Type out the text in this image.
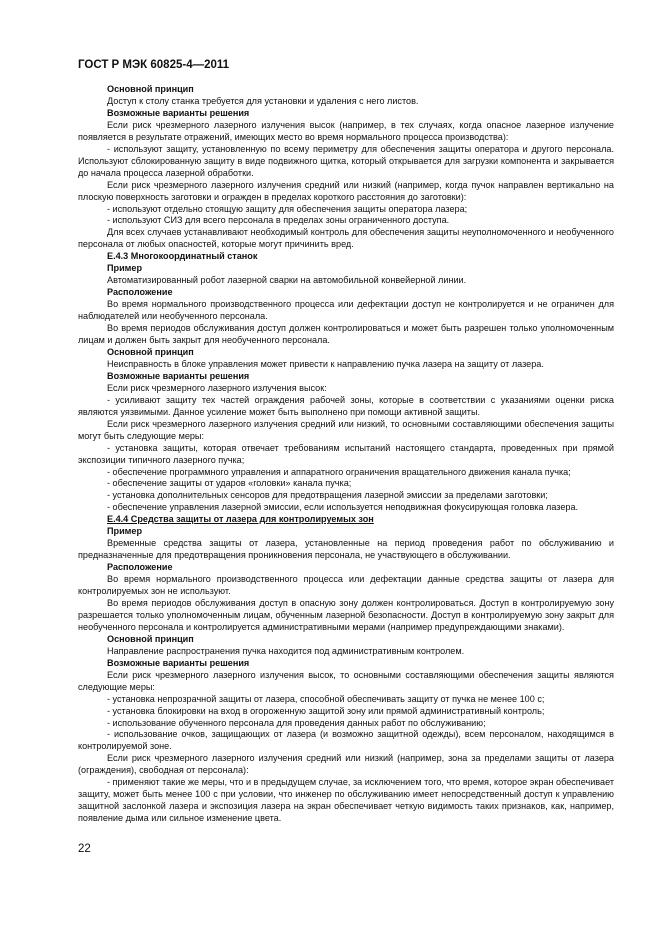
ГОСТ Р МЭК 60825-4—2011
Основной принцип
Доступ к столу станка требуется для установки и удаления с него листов.
Возможные варианты решения
Если риск чрезмерного лазерного излучения высок (например, в тех случаях, когда опасное лазерное излучение появляется в результате отражений, имеющих место во время нормального процесса производства):
- используют защиту, установленную по всему периметру для обеспечения защиты оператора и другого персонала. Используют сблокированную защиту в виде подвижного щитка, который открывается для загрузки компонента и закрывается до начала процесса лазерной обработки.
Если риск чрезмерного лазерного излучения средний или низкий (например, когда пучок направлен вертикально на плоскую поверхность заготовки и огражден в пределах короткого расстояния до заготовки):
- используют отдельно стоящую защиту для обеспечения защиты оператора лазера;
- используют СИЗ для всего персонала в пределах зоны ограниченного доступа.
Для всех случаев устанавливают необходимый контроль для обеспечения защиты неуполномоченного и необученного персонала от любых опасностей, которые могут причинить вред.
Е.4.3 Многокоординатный станок
Пример
Автоматизированный робот лазерной сварки на автомобильной конвейерной линии.
Расположение
Во время нормального производственного процесса или дефектации доступ не контролируется и не ограничен для наблюдателей или необученного персонала.
Во время периодов обслуживания доступ должен контролироваться и может быть разрешен только уполномоченным лицам и должен быть закрыт для необученного персонала.
Основной принцип
Неисправность в блоке управления может привести к направлению пучка лазера на защиту от лазера.
Возможные варианты решения
Если риск чрезмерного лазерного излучения высок:
- усиливают защиту тех частей ограждения рабочей зоны, которые в соответствии с указаниями оценки риска являются уязвимыми. Данное усиление может быть выполнено при помощи активной защиты.
Если риск чрезмерного лазерного излучения средний или низкий, то основными составляющими обеспечения защиты могут быть следующие меры:
- установка защиты, которая отвечает требованиям испытаний настоящего стандарта, проведенных при прямой экспозиции типичного лазерного пучка;
- обеспечение программного управления и аппаратного ограничения вращательного движения канала пучка;
- обеспечение защиты от ударов «головки» канала пучка;
- установка дополнительных сенсоров для предотвращения лазерной эмиссии за пределами заготовки;
- обеспечение управления лазерной эмиссии, если используется неподвижная фокусирующая головка лазера.
Е.4.4 Средства защиты от лазера для контролируемых зон
Пример
Временные средства защиты от лазера, установленные на период проведения работ по обслуживанию и предназначенные для предотвращения проникновения персонала, не участвующего в обслуживании.
Расположение
Во время нормального производственного процесса или дефектации данные средства защиты от лазера для контролируемых зон не используют.
Во время периодов обслуживания доступ в опасную зону должен контролироваться. Доступ в контролируемую зону разрешается только уполномоченным лицам, обученным лазерной безопасности. Доступ в контролируемую зону закрыт для необученного персонала и контролируется административными мерами (например предупреждающими знаками).
Основной принцип
Направление распространения пучка находится под административным контролем.
Возможные варианты решения
Если риск чрезмерного лазерного излучения высок, то основными составляющими обеспечения защиты являются следующие меры:
- установка непрозрачной защиты от лазера, способной обеспечивать защиту от пучка не менее 100 с;
- установка блокировки на вход в огороженную защитой зону или прямой административный контроль;
- использование обученного персонала для проведения данных работ по обслуживанию;
- использование очков, защищающих от лазера (и возможно защитной одежды), всем персоналом, находящимся в контролируемой зоне.
Если риск чрезмерного лазерного излучения средний или низкий (например, зона за пределами защиты от лазера (ограждения), свободная от персонала):
- применяют такие же меры, что и в предыдущем случае, за исключением того, что время, которое экран обеспечивает защиту, может быть менее 100 с при условии, что инженер по обслуживанию имеет непосредственный доступ к управлению защитной заслонкой лазера и экспозиция лазера на экран обеспечивает четкую видимость таких признаков, как, например, появление дыма или сильное изменение цвета.
22
